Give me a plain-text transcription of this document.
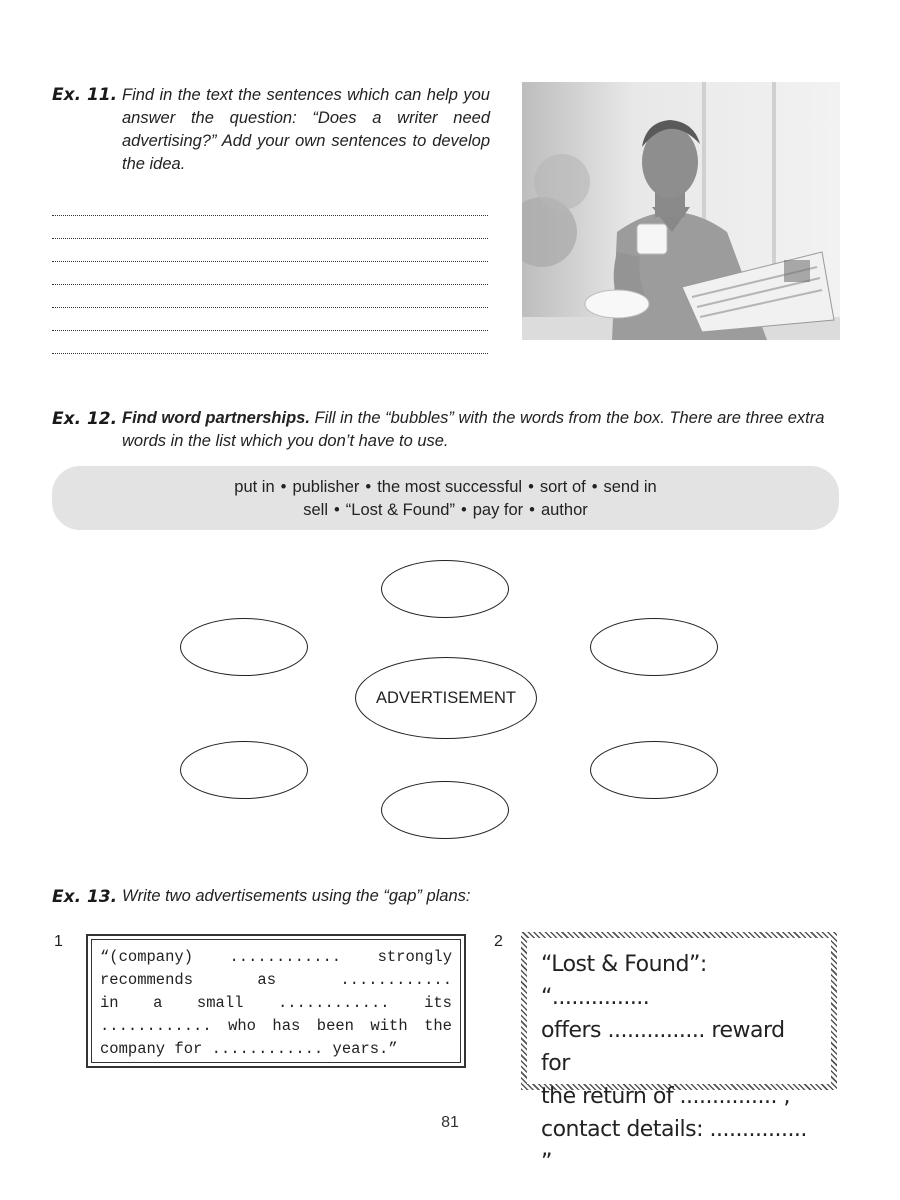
Ex. 11. Find in the text the sentences which can help you answer the question: “Does a writer need advertising?” Add your own sentences to develop the idea.
Ex. 12. Find word partnerships. Fill in the “bubbles” with the words from the box. There are three extra words in the list which you don’t have to use.
put in • publisher • the most successful • sort of • send in
sell • “Lost & Found” • pay for • author
ADVERTISEMENT
Ex. 13. Write two advertisements using the “gap” plans:
1
“(company) ............ strongly
recommends as ............
in a small ............ its
............ who has been with the
company for ............ years.”
2
“Lost & Found”: “...............
offers ............... reward for
the return of ............... ,
contact details: ............... ”
81
